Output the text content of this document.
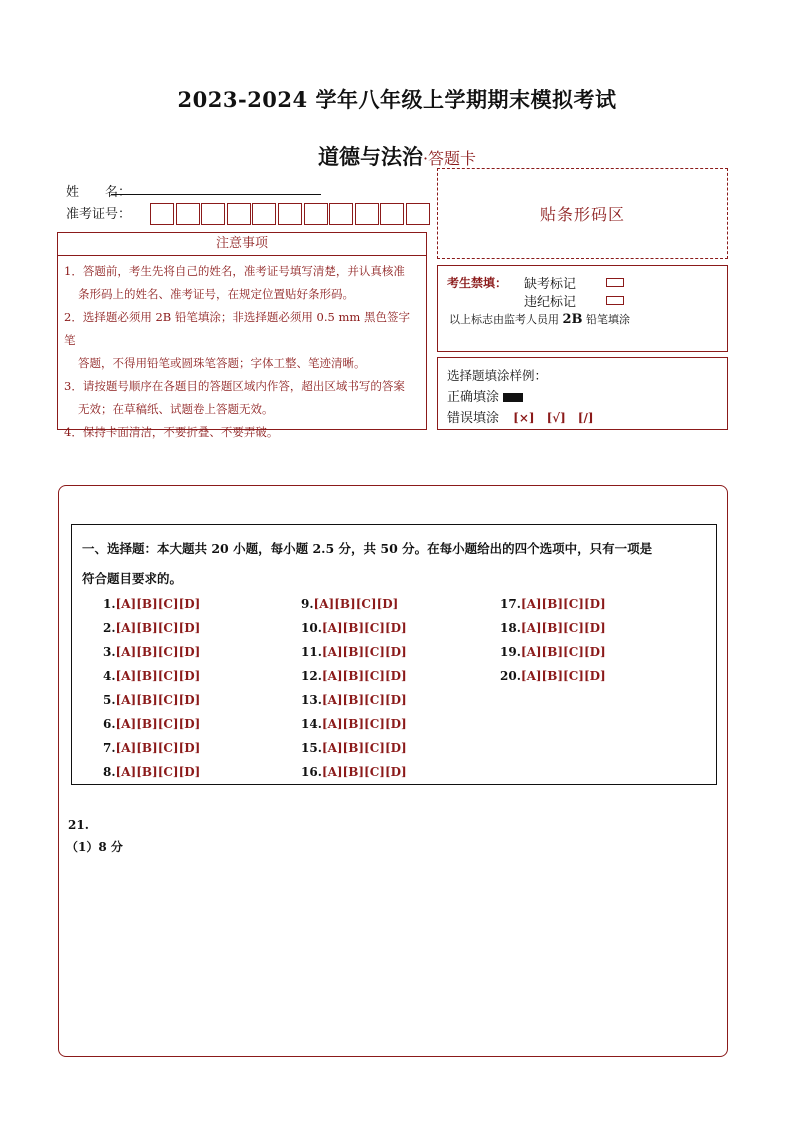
2023-2024 学年八年级上学期期末模拟考试
道德与法治·答题卡
姓　　名：
准考证号：	贴条形码区
注意事项

1．答题前，考生先将自己的姓名，准考证号填写清楚，并认真核准

条形码上的姓名、准考证号，在规定位置贴好条形码。

2．选择题必须用 2B 铅笔填涂；非选择题必须用 0.5 mm 黑色签字笔

答题，不得用铅笔或圆珠笔答题；字体工整、笔迹清晰。

3．请按题号顺序在各题目的答题区域内作答，超出区域书写的答案

无效；在草稿纸、试题卷上答题无效。

4．保持卡面清洁，不要折叠、不要弄破。

考生禁填： 缺考标记
违纪标记
以上标志由监考人员用 2B 铅笔填涂
选择题填涂样例：
正确填涂
错误填涂 [×]　[√]　[/]
一、选择题：本大题共 20 小题，每小题 2.5 分，共 50 分。在每小题给出的四个选项中，只有一项是
符合题目要求的。
1.[A][B][C][D]
2.[A][B][C][D]
3.[A][B][C][D]
4.[A][B][C][D]
5.[A][B][C][D]
6.[A][B][C][D]
7.[A][B][C][D]
8.[A][B][C][D]
9.[A][B][C][D]
10.[A][B][C][D]
11.[A][B][C][D]
12.[A][B][C][D]
13.[A][B][C][D]
14.[A][B][C][D]
15.[A][B][C][D]
16.[A][B][C][D]
17.[A][B][C][D]
18.[A][B][C][D]
19.[A][B][C][D]
20.[A][B][C][D]
21.
（1）8 分
